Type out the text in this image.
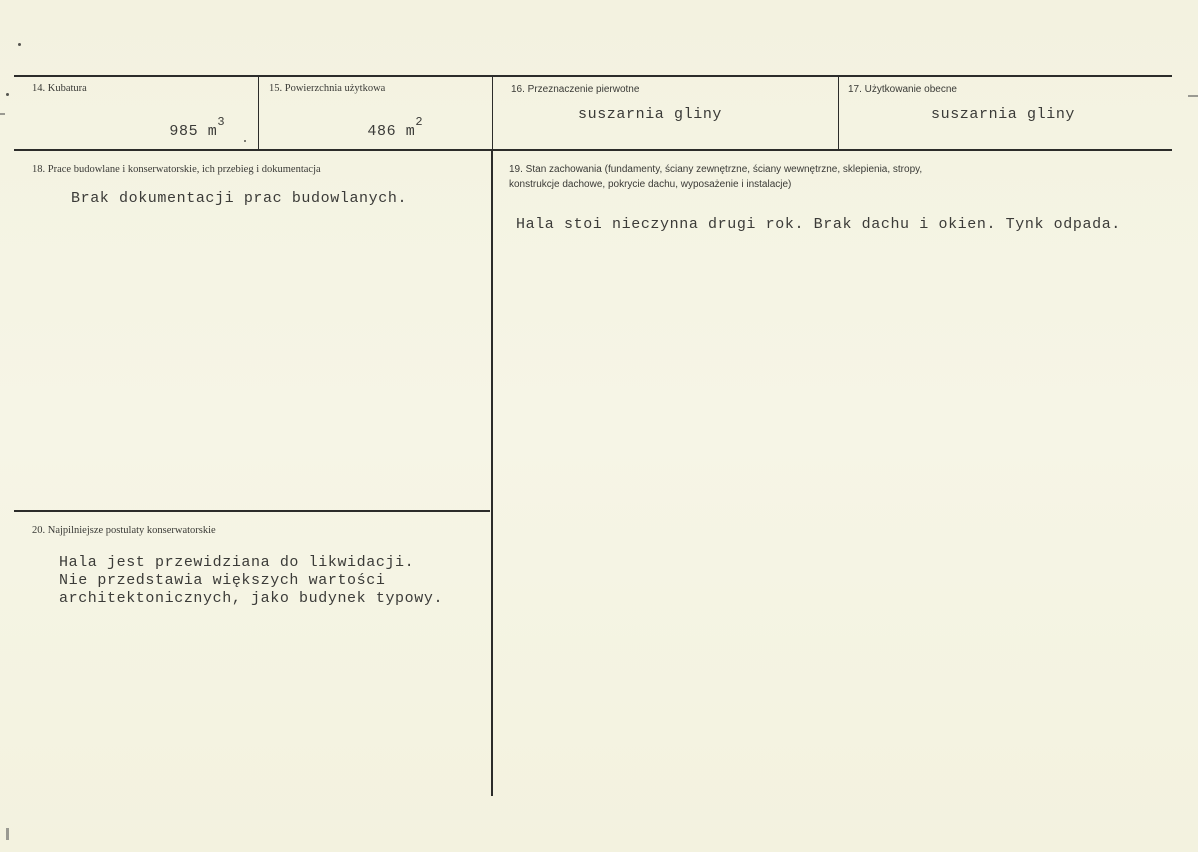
14. Kubatura

985 $m^3$

15. Powierzchnia użytkowa

486 $m^2$

16. Przeznaczenie pierwotne
suszarnia gliny
17. Użytkowanie obecne
suszarnia gliny
18. Prace budowlane i konserwatorskie, ich przebieg i dokumentacja
Brak dokumentacji prac budowlanych.
19. Stan zachowania (fundamenty, ściany zewnętrzne, ściany wewnętrzne, sklepienia, stropy,
konstrukcje dachowe, pokrycie dachu, wyposażenie i instalacje)
Hala stoi nieczynna drugi rok. Brak dachu i okien. Tynk odpada.
20. Najpilniejsze postulaty konserwatorskie
Hala jest przewidziana do likwidacji.
Nie przedstawia większych wartości
architektonicznych, jako budynek typowy.
